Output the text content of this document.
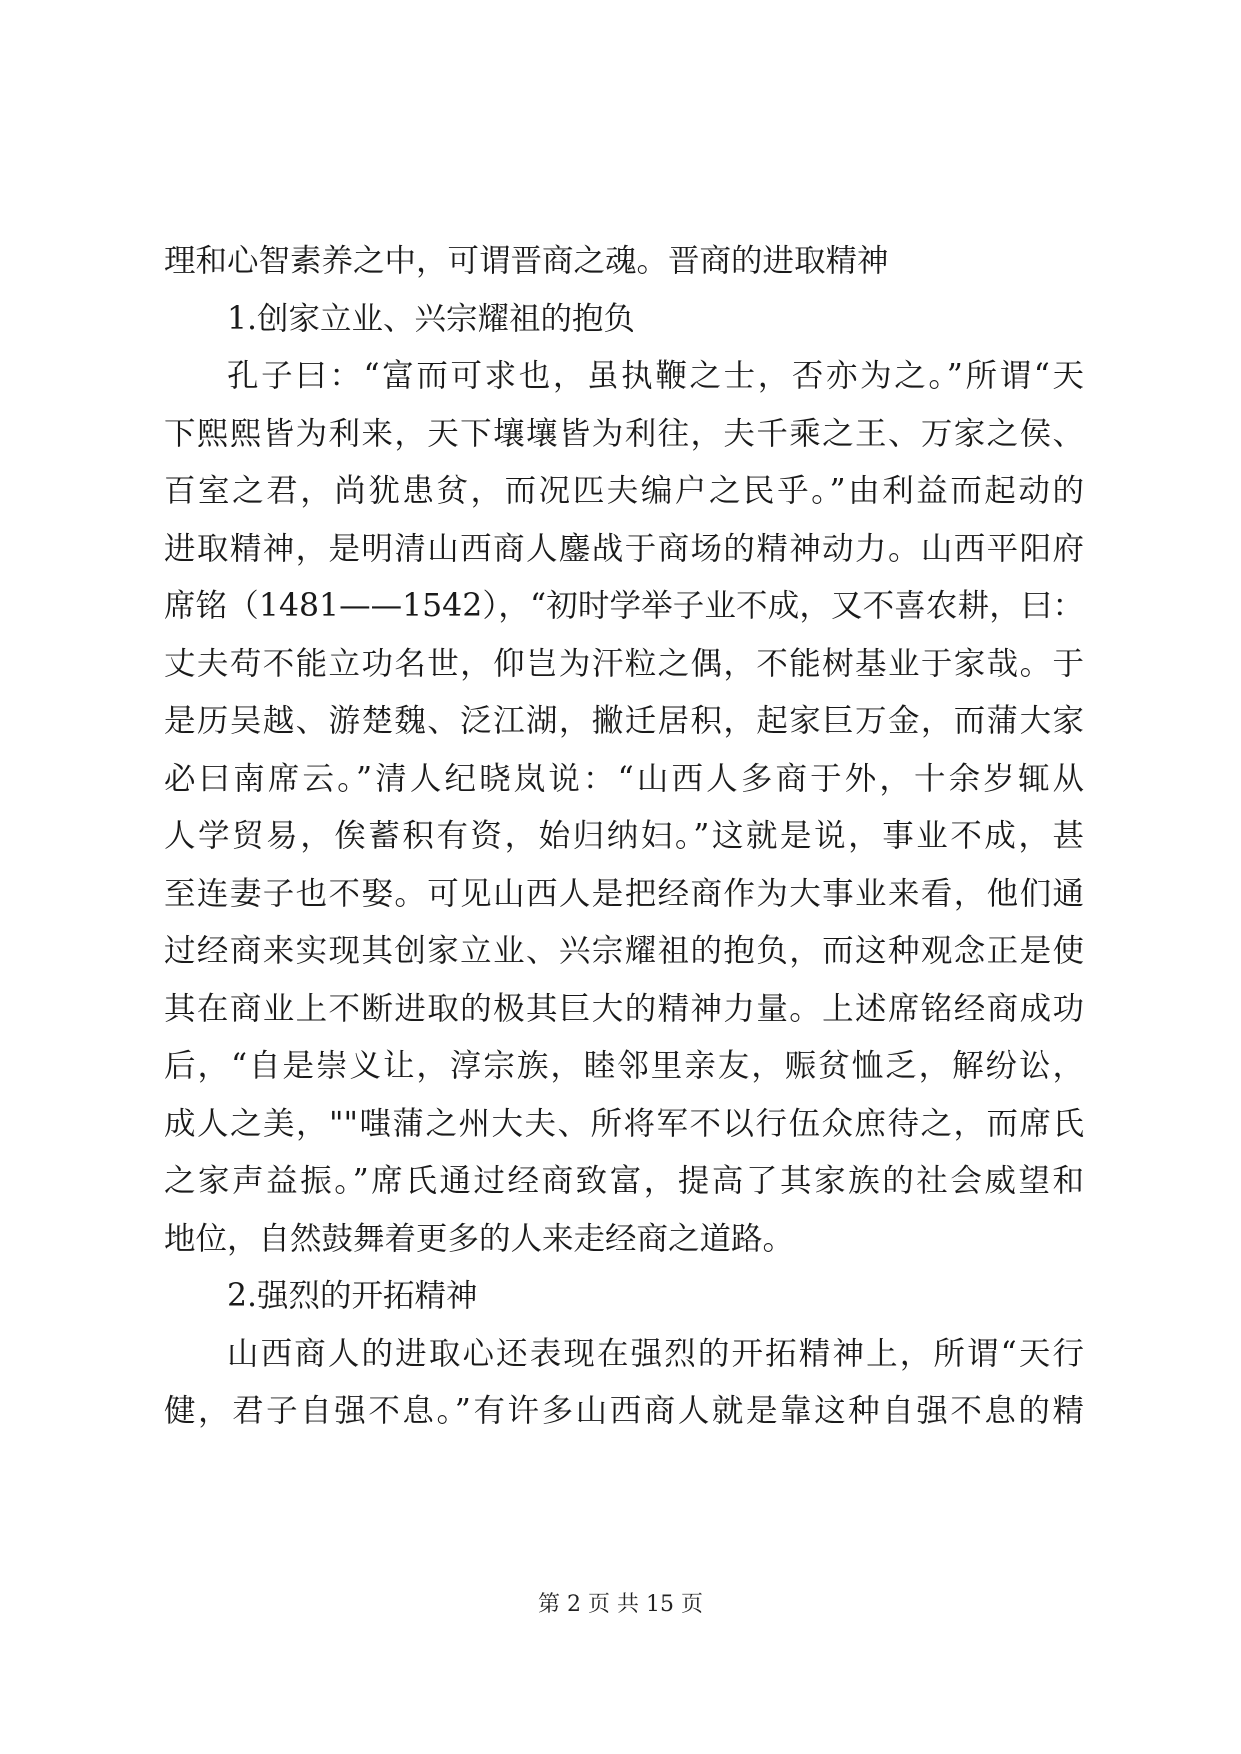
理和心智素养之中，可谓晋商之魂。晋商的进取精神
1.创家立业、兴宗耀祖的抱负
孔子曰：“富而可求也，虽执鞭之士，否亦为之。”所谓“天
下熙熙皆为利来，天下壤壤皆为利往，夫千乘之王、万家之侯、
百室之君，尚犹患贫，而况匹夫编户之民乎。”由利益而起动的
进取精神，是明清山西商人鏖战于商场的精神动力。山西平阳府
席铭（1481——1542），“初时学举子业不成，又不喜农耕，曰：
丈夫苟不能立功名世，仰岂为汗粒之偶，不能树基业于家哉。于
是历吴越、游楚魏、泛江湖，撇迁居积，起家巨万金，而蒲大家
必曰南席云。”清人纪晓岚说：“山西人多商于外，十余岁辄从
人学贸易，俟蓄积有资，始归纳妇。”这就是说，事业不成，甚
至连妻子也不娶。可见山西人是把经商作为大事业来看，他们通
过经商来实现其创家立业、兴宗耀祖的抱负，而这种观念正是使
其在商业上不断进取的极其巨大的精神力量。上述席铭经商成功
后，“自是崇义让，淳宗族，睦邻里亲友，赈贫恤乏，解纷讼，
成人之美，""嗤蒲之州大夫、所将军不以行伍众庶待之，而席氏
之家声益振。”席氏通过经商致富，提高了其家族的社会威望和
地位，自然鼓舞着更多的人来走经商之道路。
2.强烈的开拓精神
山西商人的进取心还表现在强烈的开拓精神上，所谓“天行
健，君子自强不息。”有许多山西商人就是靠这种自强不息的精
第 2 页 共 15 页
